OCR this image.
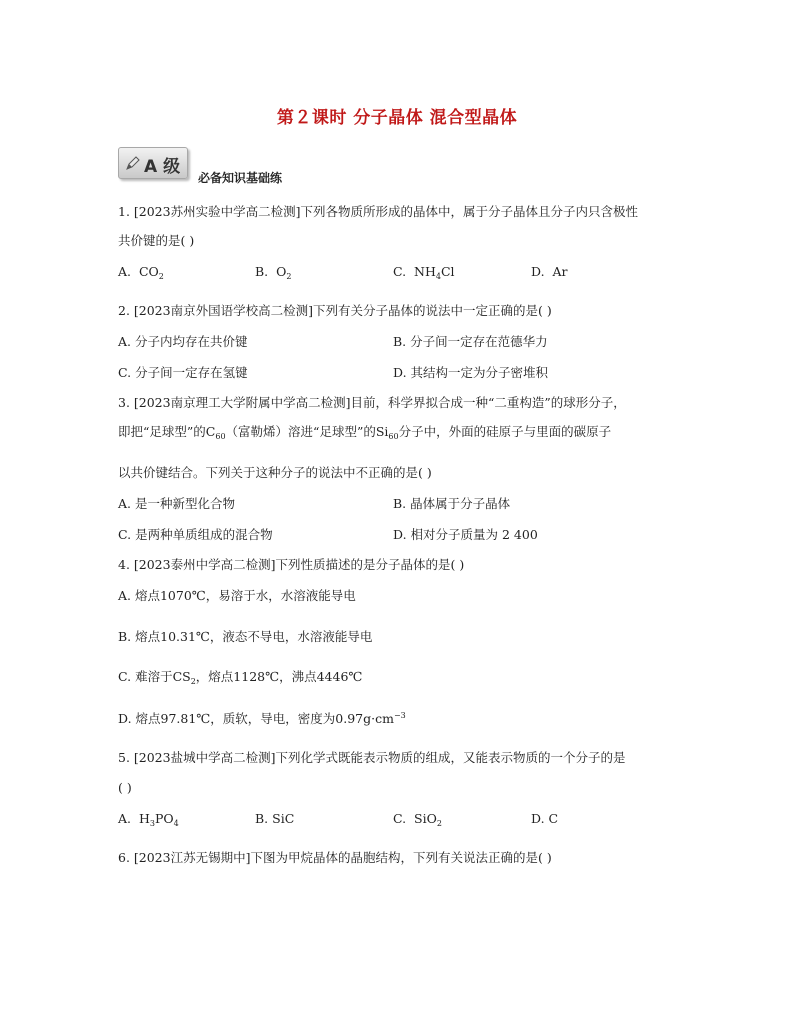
第２课时 分子晶体 混合型晶体
A 级
必备知识基础练
1. [2023苏州实验中学高二检测]下列各物质所形成的晶体中，属于分子晶体且分子内只含极性
共价键的是( )
A. $CO_2$	B. $O_2$	C. $NH_4Cl$	D. Ar
2. [2023南京外国语学校高二检测]下列有关分子晶体的说法中一定正确的是( )
A. 分子内均存在共价键	B. 分子间一定存在范德华力
C. 分子间一定存在氢键	D. 其结构一定为分子密堆积
3. [2023南京理工大学附属中学高二检测]目前，科学界拟合成一种“二重构造”的球形分子，
即把“足球型”的$C_{60}$（富勒烯）溶进“足球型”的$Si_{60}$分子中，外面的硅原子与里面的碳原子
以共价键结合。下列关于这种分子的说法中不正确的是( )
A. 是一种新型化合物	B. 晶体属于分子晶体
C. 是两种单质组成的混合物	D. 相对分子质量为 2 400
4. [2023泰州中学高二检测]下列性质描述的是分子晶体的是( )
A. 熔点1070℃，易溶于水，水溶液能导电
B. 熔点10.31℃，液态不导电，水溶液能导电
C. 难溶于$CS_2$，熔点1128℃，沸点4446℃
D. 熔点97.81℃，质软，导电，密度为$0.97g\cdot cm^{-3}$
5. [2023盐城中学高二检测]下列化学式既能表示物质的组成，又能表示物质的一个分子的是
( )
A. $H_3PO_4$	B. SiC	C. SiO$_2$	D. C
6. [2023江苏无锡期中]下图为甲烷晶体的晶胞结构，下列有关说法正确的是( )
